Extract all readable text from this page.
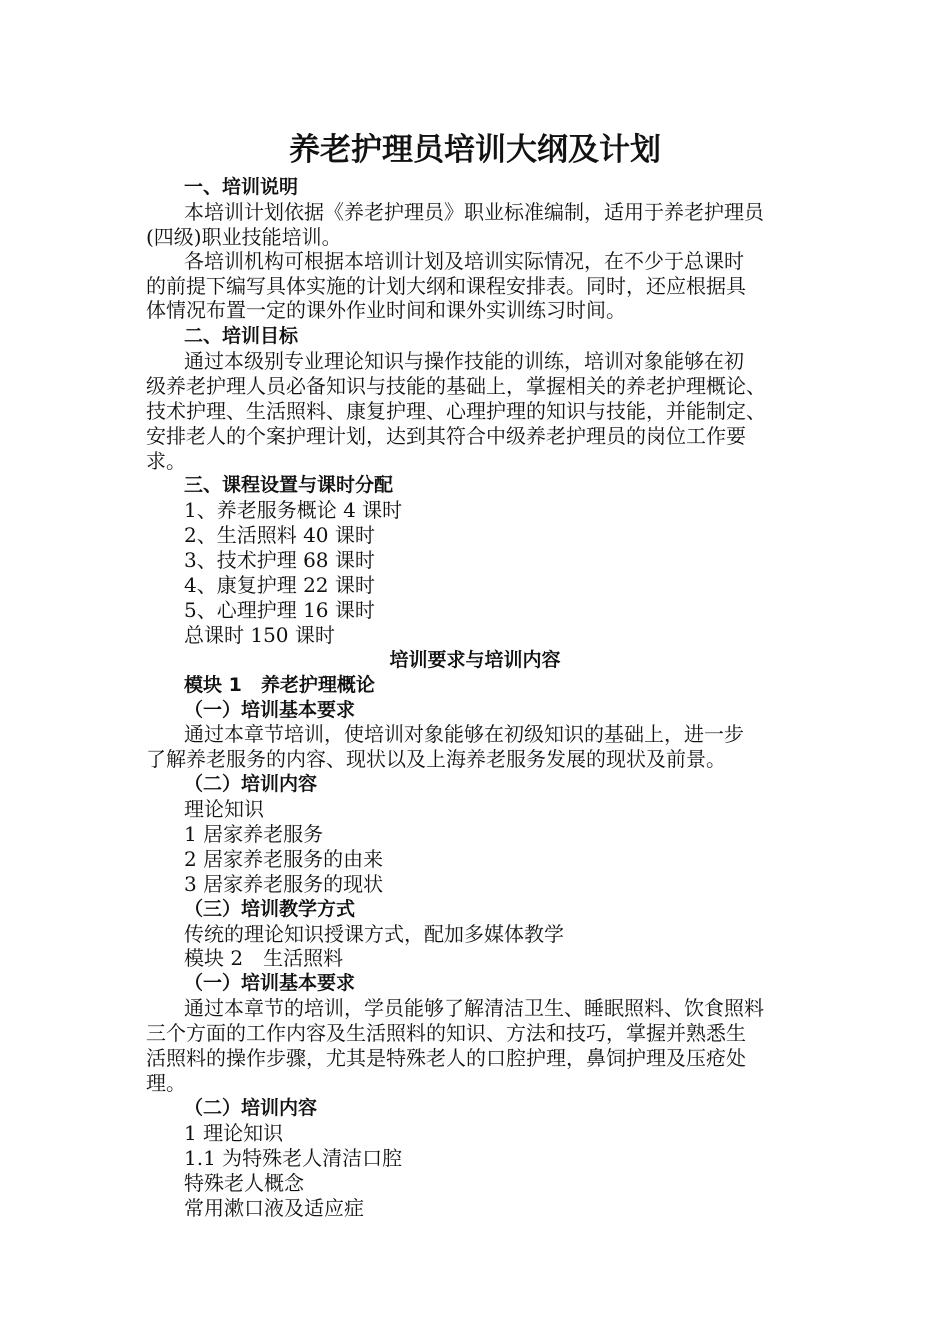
养老护理员培训大纲及计划
一、培训说明
本培训计划依据《养老护理员》职业标准编制，适用于养老护理员
(四级)职业技能培训。
各培训机构可根据本培训计划及培训实际情况，在不少于总课时
的前提下编写具体实施的计划大纲和课程安排表。同时，还应根据具
体情况布置一定的课外作业时间和课外实训练习时间。
二、培训目标
通过本级别专业理论知识与操作技能的训练，培训对象能够在初
级养老护理人员必备知识与技能的基础上，掌握相关的养老护理概论、
技术护理、生活照料、康复护理、心理护理的知识与技能，并能制定、
安排老人的个案护理计划，达到其符合中级养老护理员的岗位工作要
求。
三、课程设置与课时分配
1、养老服务概论 4 课时
2、生活照料 40 课时
3、技术护理 68 课时
4、康复护理 22 课时
5、心理护理 16 课时
总课时 150 课时
培训要求与培训内容
模块 1　养老护理概论
（一）培训基本要求
通过本章节培训，使培训对象能够在初级知识的基础上，进一步
了解养老服务的内容、现状以及上海养老服务发展的现状及前景。
（二）培训内容
理论知识
1 居家养老服务
2 居家养老服务的由来
3 居家养老服务的现状
（三）培训教学方式
传统的理论知识授课方式，配加多媒体教学
模块 2　生活照料
（一）培训基本要求
通过本章节的培训，学员能够了解清洁卫生、睡眠照料、饮食照料
三个方面的工作内容及生活照料的知识、方法和技巧，掌握并熟悉生
活照料的操作步骤，尤其是特殊老人的口腔护理，鼻饲护理及压疮处
理。
（二）培训内容
1 理论知识
1.1 为特殊老人清洁口腔
特殊老人概念
常用漱口液及适应症
